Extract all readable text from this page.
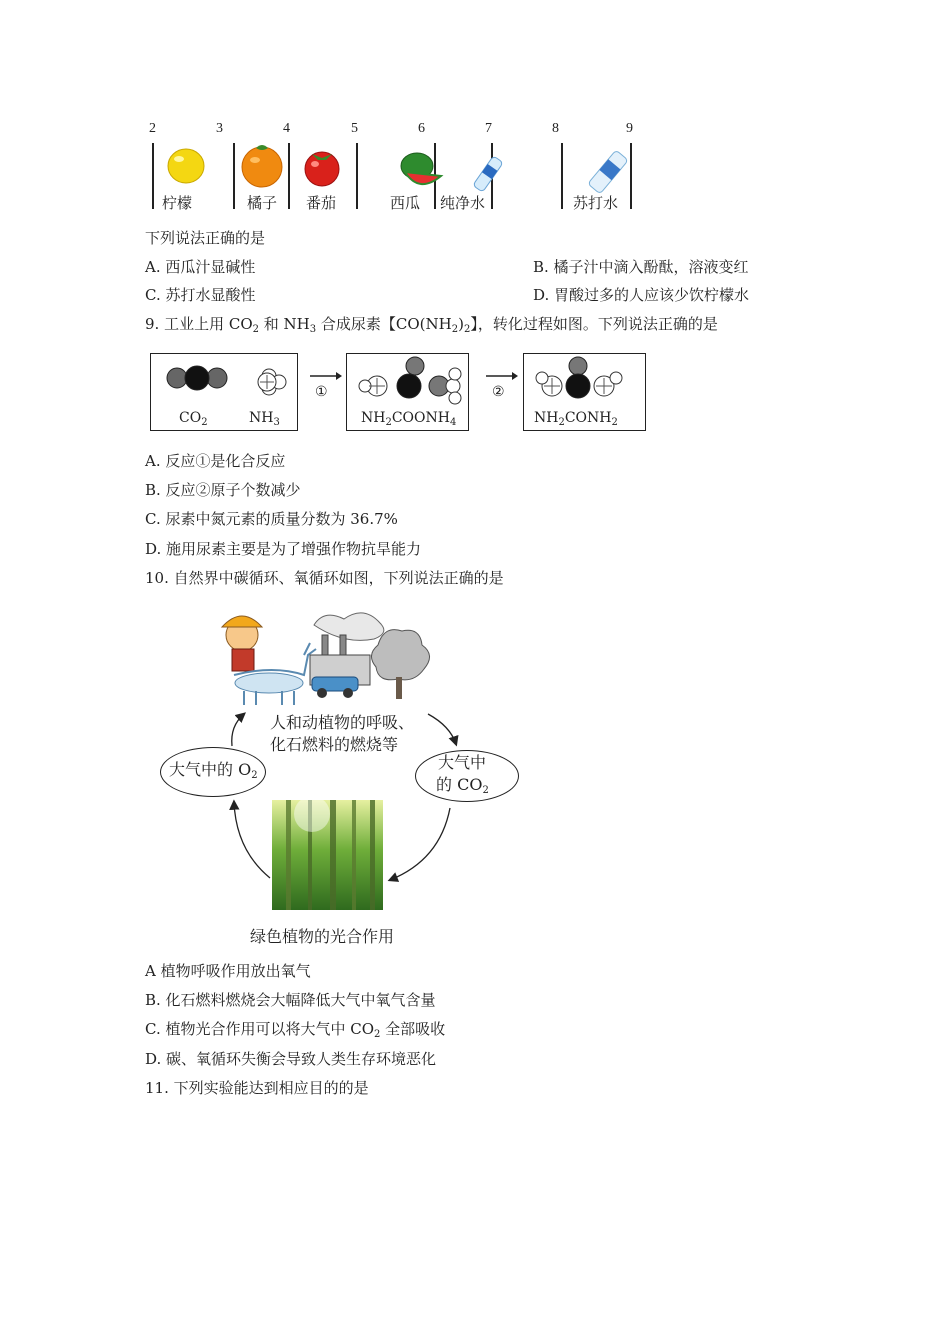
2	3	4	5	6	7	8	9
柠檬	橘子 番茄	西瓜 纯净水	苏打水
下列说法正确的是
A. 西瓜汁显碱性	B. 橘子汁中滴入酚酞，溶液变红
C. 苏打水显酸性	D. 胃酸过多的人应该少饮柠檬水
9. 工业上用 $CO_2$ 和 $NH_3$ 合成尿素【$CO(NH_2)_2$】，转化过程如图。下列说法正确的是
$CO_2$	$NH_3$
①
$NH_2COONH_4$
②
$NH_2CONH_2$
A. 反应①是化合反应
B. 反应②原子个数减少
C. 尿素中氮元素的质量分数为 36.7%
D. 施用尿素主要是为了增强作物抗旱能力
10. 自然界中碳循环、氧循环如图，下列说法正确的是
人和动植物的呼吸、
化石燃料的燃烧等
大气中的 $O_2$
大气中
的 $CO_2$
绿色植物的光合作用
A 植物呼吸作用放出氧气
B. 化石燃料燃烧会大幅降低大气中氧气含量
C. 植物光合作用可以将大气中 $CO_2$ 全部吸收
D. 碳、氧循环失衡会导致人类生存环境恶化
11. 下列实验能达到相应目的的是
